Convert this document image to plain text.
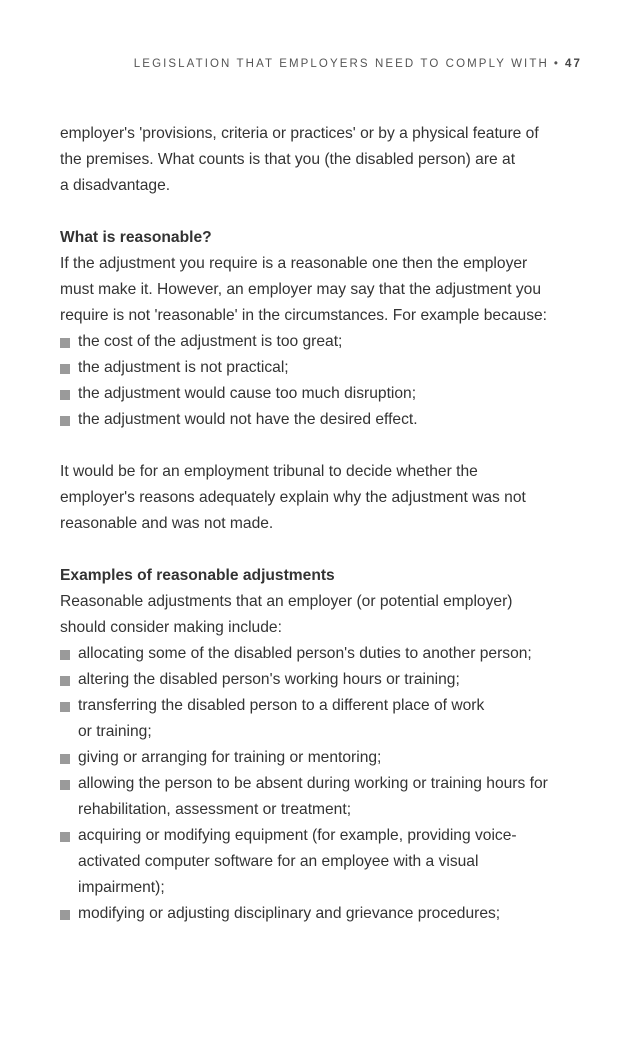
LEGISLATION THAT EMPLOYERS NEED TO COMPLY WITH • 47

employer's 'provisions, criteria or practices' or by a physical feature of
the premises. What counts is that you (the disabled person) are at
a disadvantage.

What is reasonable?

If the adjustment you require is a reasonable one then the employer
must make it. However, an employer may say that the adjustment you
require is not 'reasonable' in the circumstances. For example because:

the cost of the adjustment is too great;
the adjustment is not practical;
the adjustment would cause too much disruption;
the adjustment would not have the desired effect.

It would be for an employment tribunal to decide whether the
employer's reasons adequately explain why the adjustment was not
reasonable and was not made.

Examples of reasonable adjustments

Reasonable adjustments that an employer (or potential employer)
should consider making include:

allocating some of the disabled person's duties to another person;
altering the disabled person's working hours or training;
transferring the disabled person to a different place of work
or training;
giving or arranging for training or mentoring;
allowing the person to be absent during working or training hours for
rehabilitation, assessment or treatment;
acquiring or modifying equipment (for example, providing voice-
activated computer software for an employee with a visual
impairment);
modifying or adjusting disciplinary and grievance procedures;
